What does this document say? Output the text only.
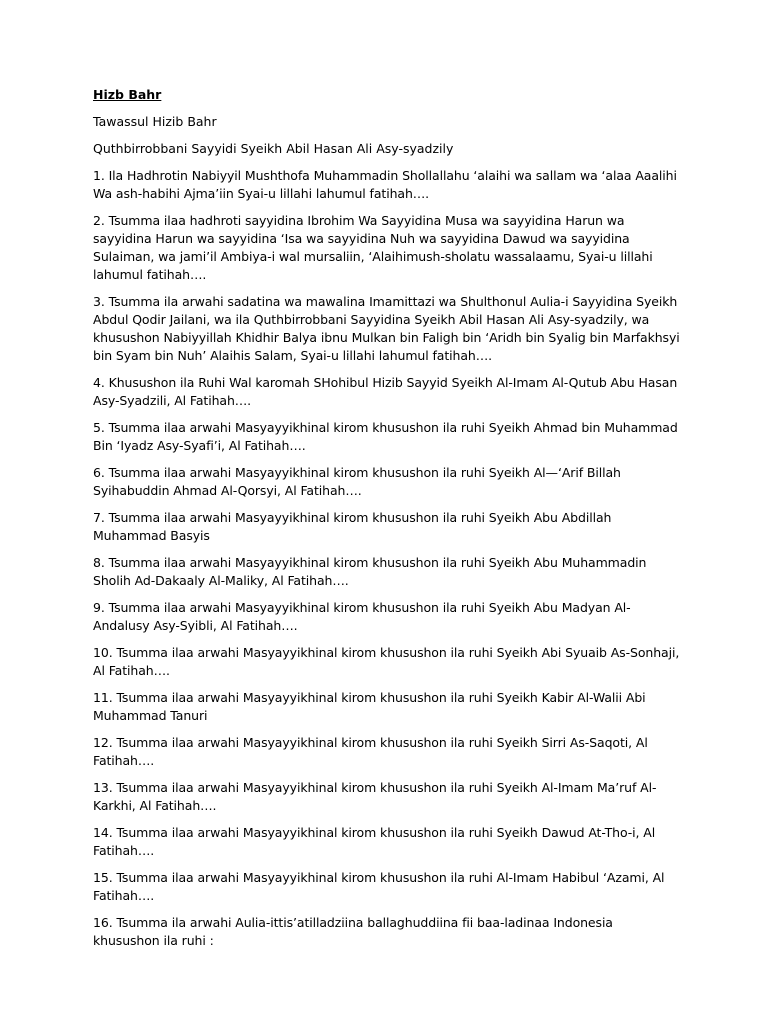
Hizb Bahr

Tawassul Hizib Bahr

Quthbirrobbani Sayyidi Syeikh Abil Hasan Ali Asy-syadzily

1. Ila Hadhrotin Nabiyyil Mushthofa Muhammadin Shollallahu ‘alaihi wa sallam wa ‘alaa Aaalihi Wa ash-habihi Ajma’iin Syai-u lillahi lahumul fatihah….

2. Tsumma ilaa hadhroti sayyidina Ibrohim Wa Sayyidina Musa wa sayyidina Harun wa sayyidina Harun wa sayyidina ‘Isa wa sayyidina Nuh wa sayyidina Dawud wa sayyidina Sulaiman, wa jami’il Ambiya-i wal mursaliin, ‘Alaihimush-sholatu wassalaamu, Syai-u lillahi lahumul fatihah….

3. Tsumma ila arwahi sadatina wa mawalina Imamittazi wa Shulthonul Aulia-i Sayyidina Syeikh Abdul Qodir Jailani, wa ila Quthbirrobbani Sayyidina Syeikh Abil Hasan Ali Asy-syadzily, wa khusushon Nabiyyillah Khidhir Balya ibnu Mulkan bin Faligh bin ‘Aridh bin Syalig bin Marfakhsyi bin Syam bin Nuh’ Alaihis Salam, Syai-u lillahi lahumul fatihah….

4. Khusushon ila Ruhi Wal karomah SHohibul Hizib Sayyid Syeikh Al-Imam Al-Qutub Abu Hasan Asy-Syadzili, Al Fatihah….

5. Tsumma ilaa arwahi Masyayyikhinal kirom khusushon ila ruhi Syeikh Ahmad bin Muhammad Bin ‘Iyadz Asy-Syafi’i, Al Fatihah….

6. Tsumma ilaa arwahi Masyayyikhinal kirom khusushon ila ruhi Syeikh Al—‘Arif Billah Syihabuddin Ahmad Al-Qorsyi, Al Fatihah….

7. Tsumma ilaa arwahi Masyayyikhinal kirom khusushon ila ruhi Syeikh Abu Abdillah Muhammad Basyis

8. Tsumma ilaa arwahi Masyayyikhinal kirom khusushon ila ruhi Syeikh Abu Muhammadin Sholih Ad-Dakaaly Al-Maliky, Al Fatihah….

9. Tsumma ilaa arwahi Masyayyikhinal kirom khusushon ila ruhi Syeikh Abu Madyan Al-Andalusy Asy-Syibli, Al Fatihah….

10. Tsumma ilaa arwahi Masyayyikhinal kirom khusushon ila ruhi Syeikh Abi Syuaib As-Sonhaji, Al Fatihah….

11. Tsumma ilaa arwahi Masyayyikhinal kirom khusushon ila ruhi Syeikh Kabir Al-Walii Abi Muhammad Tanuri

12. Tsumma ilaa arwahi Masyayyikhinal kirom khusushon ila ruhi Syeikh Sirri As-Saqoti, Al Fatihah….

13. Tsumma ilaa arwahi Masyayyikhinal kirom khusushon ila ruhi Syeikh Al-Imam Ma’ruf Al-Karkhi, Al Fatihah….

14. Tsumma ilaa arwahi Masyayyikhinal kirom khusushon ila ruhi Syeikh Dawud At-Tho-i, Al Fatihah….

15. Tsumma ilaa arwahi Masyayyikhinal kirom khusushon ila ruhi Al-Imam Habibul ‘Azami, Al Fatihah….

16. Tsumma ila arwahi Aulia-ittis’atilladziina ballaghuddiina fii baa-ladinaa Indonesia khusushon ila ruhi :
